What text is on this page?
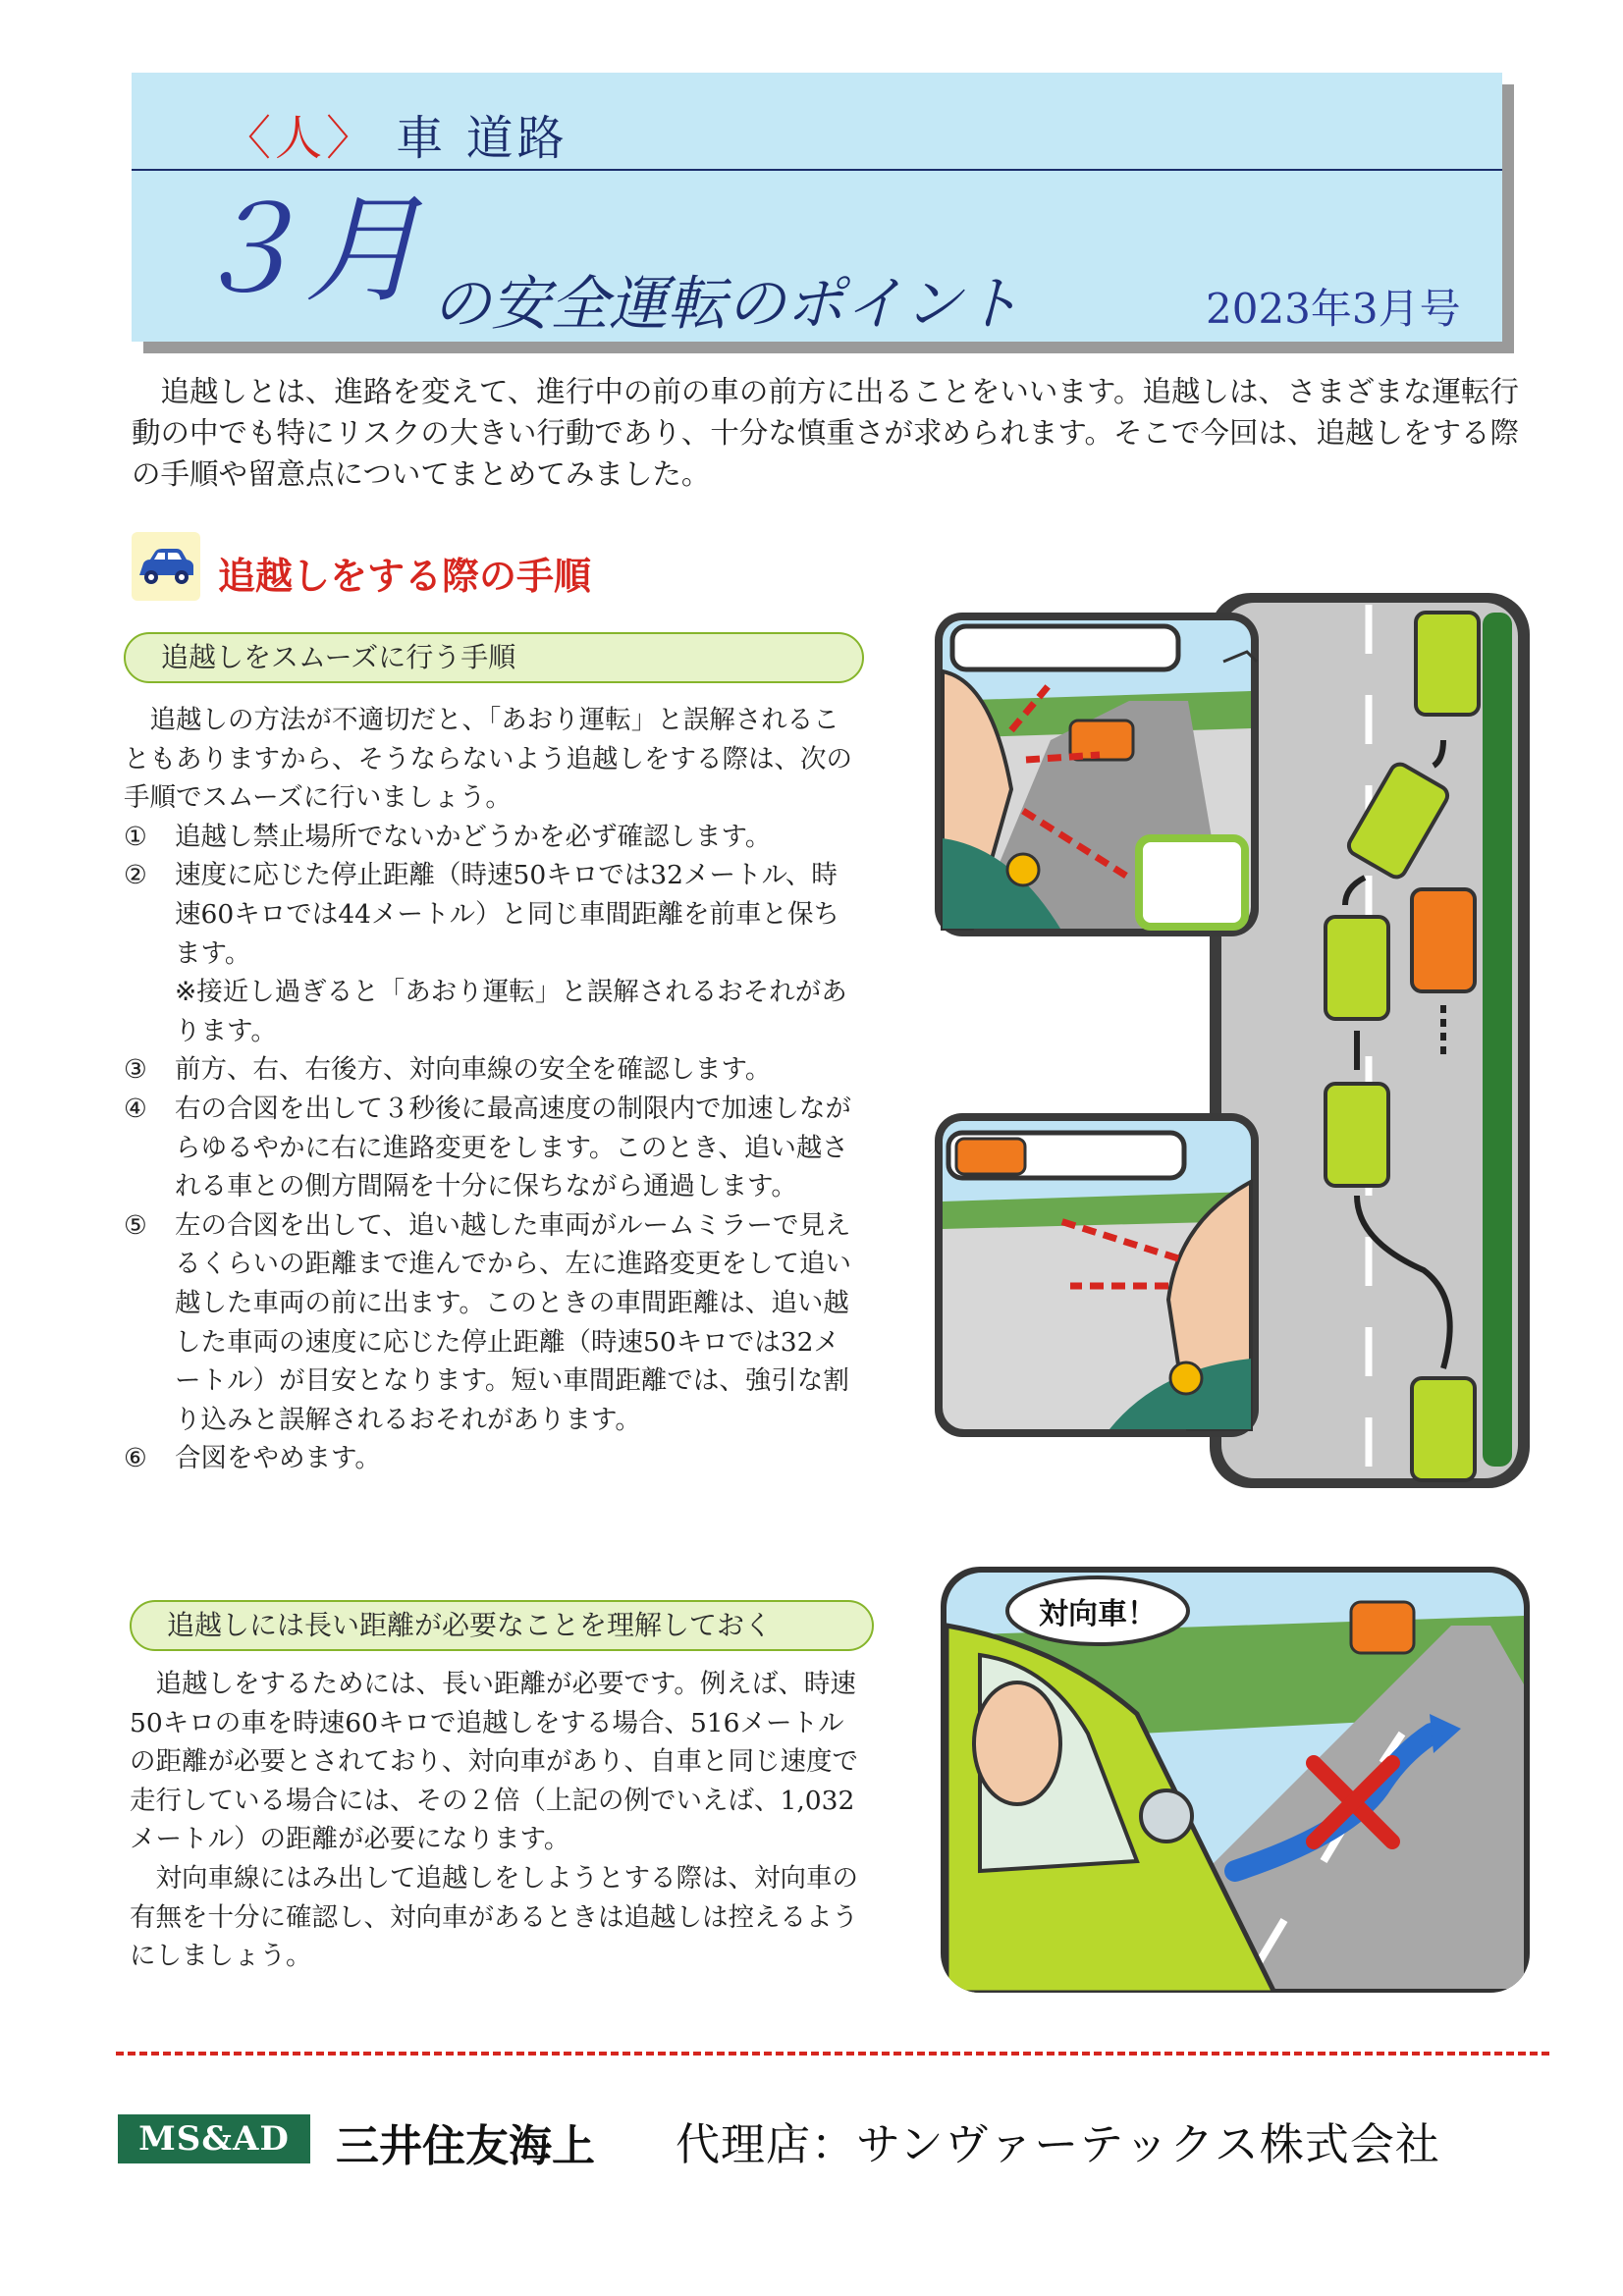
〈人〉 車 道路
３月 の安全運転のポイント	2023年3月号

追越しとは、進路を変えて、進行中の前の車の前方に出ることをいいます。追越しは、さまざまな運転行動の中でも特にリスクの大きい行動であり、十分な慎重さが求められます。そこで今回は、追越しをする際の手順や留意点についてまとめてみました。

追越しをする際の手順
追越しをスムーズに行う手順

追越しの方法が不適切だと、「あおり運転」と誤解されることもありますから、そうならないよう追越しをする際は、次の手順でスムーズに行いましょう。

①	追越し禁止場所でないかどうかを必ず確認します。
②	速度に応じた停止距離（時速50キロでは32メートル、時速60キロでは44メートル）と同じ車間距離を前車と保ちます。
※接近し過ぎると「あおり運転」と誤解されるおそれがあります。
③	前方、右、右後方、対向車線の安全を確認します。
④	右の合図を出して３秒後に最高速度の制限内で加速しながらゆるやかに右に進路変更をします。このとき、追い越される車との側方間隔を十分に保ちながら通過します。
⑤	左の合図を出して、追い越した車両がルームミラーで見えるくらいの距離まで進んでから、左に進路変更をして追い越した車両の前に出ます。このときの車間距離は、追い越した車両の速度に応じた停止距離（時速50キロでは32メートル）が目安となります。短い車間距離では、強引な割り込みと誤解されるおそれがあります。
⑥	合図をやめます。
追越しには長い距離が必要なことを理解しておく

追越しをするためには、長い距離が必要です。例えば、時速50キロの車を時速60キロで追越しをする場合、516メートルの距離が必要とされており、対向車があり、自車と同じ速度で走行している場合には、その２倍（上記の例でいえば、1,032メートル）の距離が必要になります。

対向車線にはみ出して追越しをしようとする際は、対向車の有無を十分に確認し、対向車があるときは追越しは控えるようにしましょう。

対向車！
MS&AD	三井住友海上 代理店：サンヴァーテックス株式会社
